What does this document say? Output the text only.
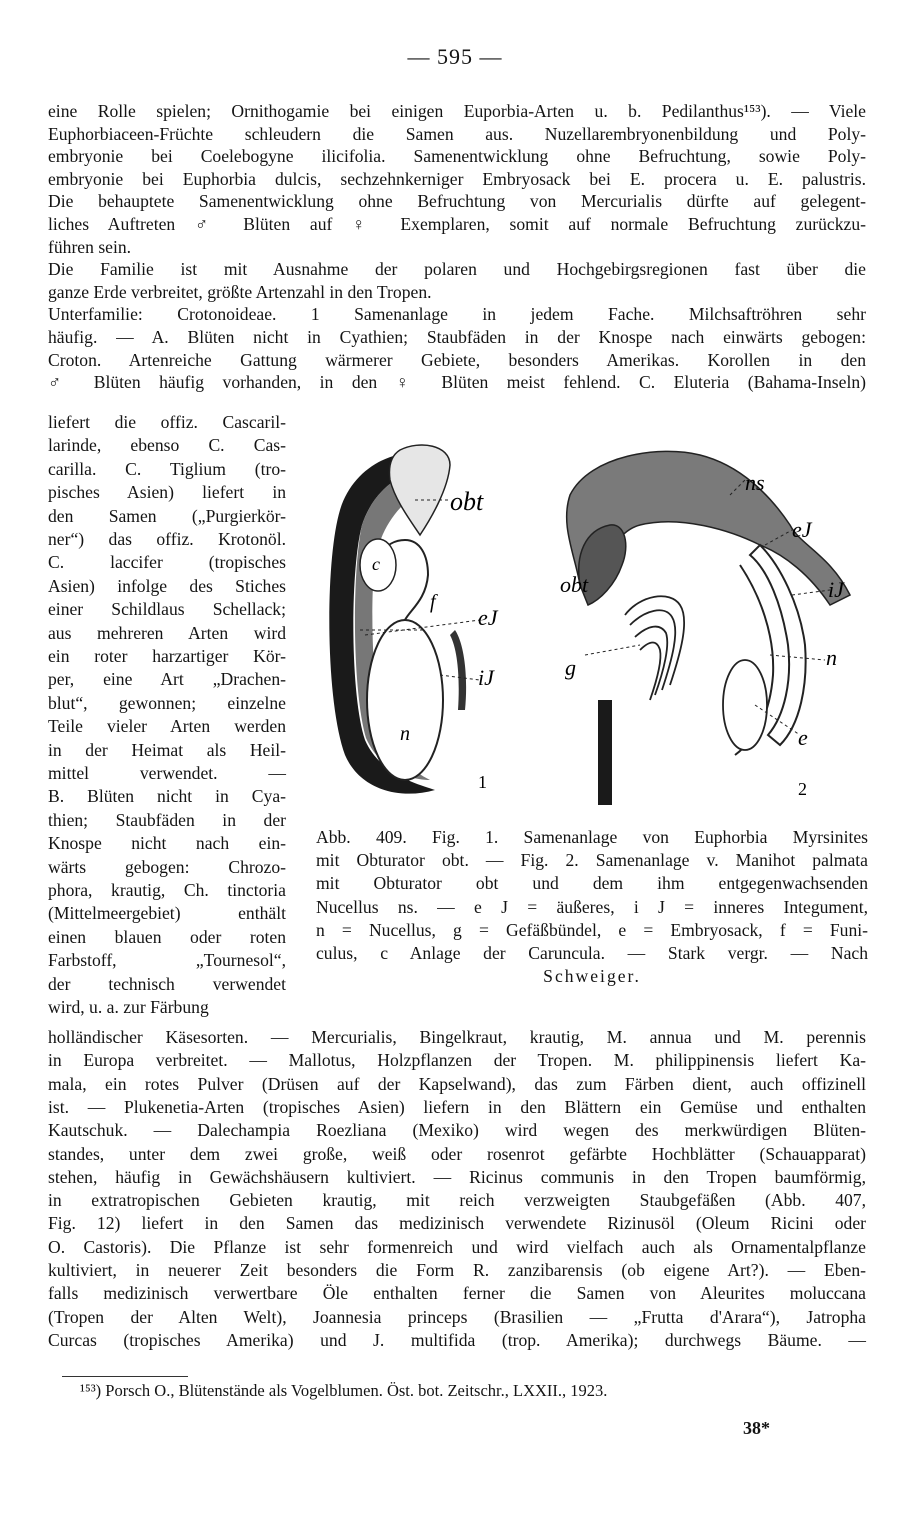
— 595 —
eine Rolle spielen; Ornithogamie bei einigen Euporbia-Arten u. b. Pedilanthus¹⁵³). — Viele
Euphorbiaceen-Früchte schleudern die Samen aus. Nuzellarembryonenbildung und Poly-
embryonie bei Coelebogyne ilicifolia. Samenentwicklung ohne Befruchtung, sowie Poly-
embryonie bei Euphorbia dulcis, sechzehnkerniger Embryosack bei E. procera u. E. palustris.
Die behauptete Samenentwicklung ohne Befruchtung von Mercurialis dürfte auf gelegent-
liches Auftreten ♂ Blüten auf ♀ Exemplaren, somit auf normale Befruchtung zurückzu-
führen sein.
Die Familie ist mit Ausnahme der polaren und Hochgebirgsregionen fast über die
ganze Erde verbreitet, größte Artenzahl in den Tropen.
Unterfamilie: Crotonoideae. 1 Samenanlage in jedem Fache. Milchsaftröhren sehr
häufig. — A. Blüten nicht in Cyathien; Staubfäden in der Knospe nach einwärts gebogen:
Croton. Artenreiche Gattung wärmerer Gebiete, besonders Amerikas. Korollen in den
♂ Blüten häufig vorhanden, in den ♀ Blüten meist fehlend. C. Eluteria (Bahama-Inseln)
liefert die offiz. Cascaril-
larinde, ebenso C. Cas-
carilla. C. Tiglium (tro-
pisches Asien) liefert in
den Samen („Purgierkör-
ner“) das offiz. Krotonöl.
C. laccifer (tropisches
Asien) infolge des Stiches
einer Schildlaus Schellack;
aus mehreren Arten wird
ein roter harzartiger Kör-
per, eine Art „Drachen-
blut“, gewonnen; einzelne
Teile vieler Arten werden
in der Heimat als Heil-
mittel verwendet. —
B. Blüten nicht in Cya-
thien; Staubfäden in der
Knospe nicht nach ein-
wärts gebogen: Chrozo-
phora, krautig, Ch. tinctoria
(Mittelmeergebiet) enthält
einen blauen oder roten
Farbstoff, „Tournesol“,
der technisch verwendet
wird, u. a. zur Färbung
Abb. 409. Fig. 1. Samenanlage von Euphorbia Myrsinites
mit Obturator obt. — Fig. 2. Samenanlage v. Manihot palmata
mit Obturator obt und dem ihm entgegenwachsenden
Nucellus ns. — e J = äußeres, i J = inneres Integument,
n = Nucellus, g = Gefäßbündel, e = Embryosack, f = Funi-
culus, c Anlage der Caruncula. — Stark vergr. — Nach
Schweiger.
holländischer Käsesorten. — Mercurialis, Bingelkraut, krautig, M. annua und M. perennis
in Europa verbreitet. — Mallotus, Holzpflanzen der Tropen. M. philippinensis liefert Ka-
mala, ein rotes Pulver (Drüsen auf der Kapselwand), das zum Färben dient, auch offizinell
ist. — Plukenetia-Arten (tropisches Asien) liefern in den Blättern ein Gemüse und enthalten
Kautschuk. — Dalechampia Roezliana (Mexiko) wird wegen des merkwürdigen Blüten-
standes, unter dem zwei große, weiß oder rosenrot gefärbte Hochblätter (Schauapparat)
stehen, häufig in Gewächshäusern kultiviert. — Ricinus communis in den Tropen baumförmig,
in extratropischen Gebieten krautig, mit reich verzweigten Staubgefäßen (Abb. 407,
Fig. 12) liefert in den Samen das medizinisch verwendete Rizinusöl (Oleum Ricini oder
O. Castoris). Die Pflanze ist sehr formenreich und wird vielfach auch als Ornamentalpflanze
kultiviert, in neuerer Zeit besonders die Form R. zanzibarensis (ob eigene Art?). — Eben-
falls medizinisch verwertbare Öle enthalten ferner die Samen von Aleurites moluccana
(Tropen der Alten Welt), Joannesia princeps (Brasilien — „Frutta d'Arara“), Jatropha
Curcas (tropisches Amerika) und J. multifida (trop. Amerika); durchwegs Bäume. —
¹⁵³) Porsch O., Blütenstände als Vogelblumen. Öst. bot. Zeitschr., LXXII., 1923.
38*
obt
c
f
eJ
iJ
n
1
ns
eJ
obt	iJ
g	n
e
2
